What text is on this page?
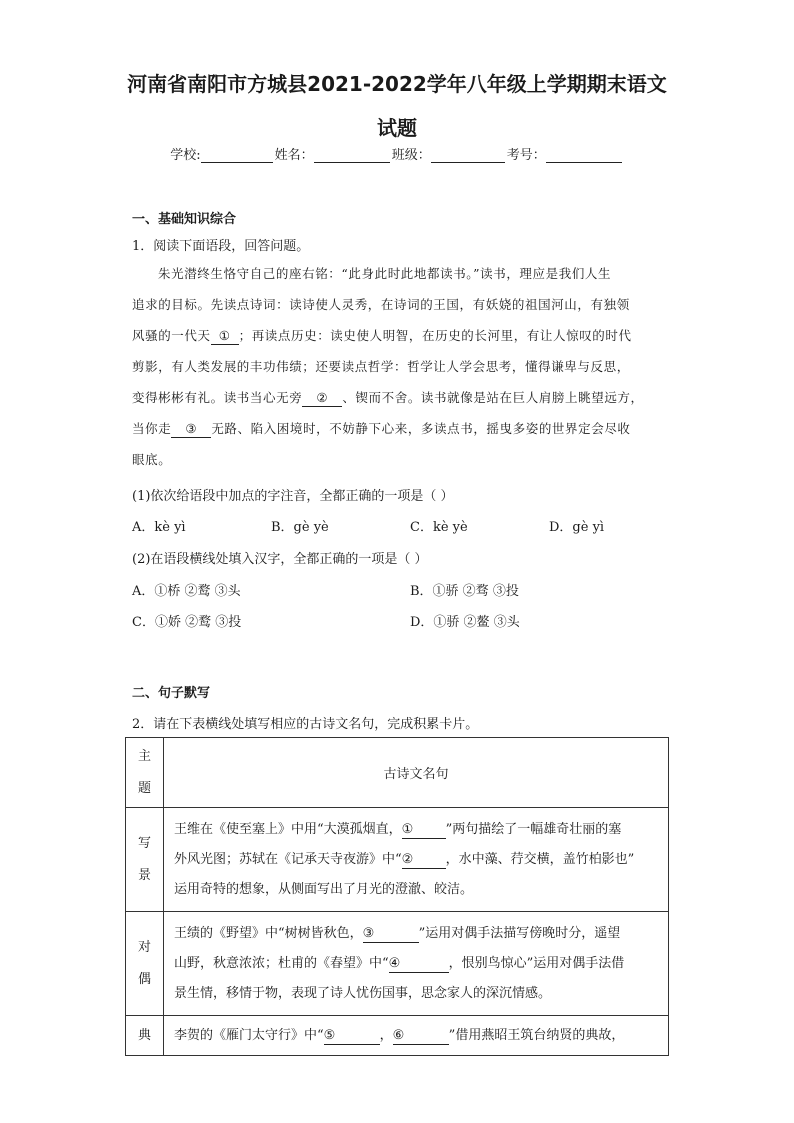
河南省南阳市方城县2021-2022学年八年级上学期期末语文
试题
学校:	姓名：	班级：	考号：
一、基础知识综合
1．阅读下面语段，回答问题。
朱光潜终生恪守自己的座右铭：“此身此时此地都读书。”读书，理应是我们人生
追求的目标。先读点诗词：读诗使人灵秀，在诗词的王国，有妖娆的祖国河山，有独领
风骚的一代天 ① ；再读点历史：读史使人明智，在历史的长河里，有让人惊叹的时代
剪影，有人类发展的丰功伟绩；还要读点哲学：哲学让人学会思考，懂得谦卑与反思，
变得彬彬有礼。读书当心无旁 ② 、锲而不舍。读书就像是站在巨人肩膀上眺望远方，
当你走 ③ 无路、陷入困境时，不妨静下心来，多读点书，摇曳多姿的世界定会尽收
眼底。
(1)依次给语段中加点的字注音，全都正确的一项是（ ）
A．kè yì	B．gè yè	C．kè yè	D．gè yì
(2)在语段横线处填入汉字，全都正确的一项是（ ）
A．①桥 ②鹜 ③头	B．①骄 ②骛 ③投
C．①娇 ②鹜 ③投	D．①骄 ②鳌 ③头
二、句子默写
2．请在下表横线处填写相应的古诗文名句，完成积累卡片。
主题	古诗文名句

写景	王维在《使至塞上》中用“大漠孤烟直，① ”两句描绘了一幅雄奇壮丽的塞
外风光图；苏轼在《记承天寺夜游》中“② ，水中藻、荇交横，盖竹柏影也”
运用奇特的想象，从侧面写出了月光的澄澈、皎洁。

对偶	王绩的《野望》中“树树皆秋色，③ ”运用对偶手法描写傍晚时分，遥望
山野，秋意浓浓；杜甫的《春望》中“④ ，恨别鸟惊心”运用对偶手法借
景生情，移情于物，表现了诗人忧伤国事，思念家人的深沉情感。

典	李贺的《雁门太守行》中“⑤ ，⑥ ”借用燕昭王筑台纳贤的典故，
